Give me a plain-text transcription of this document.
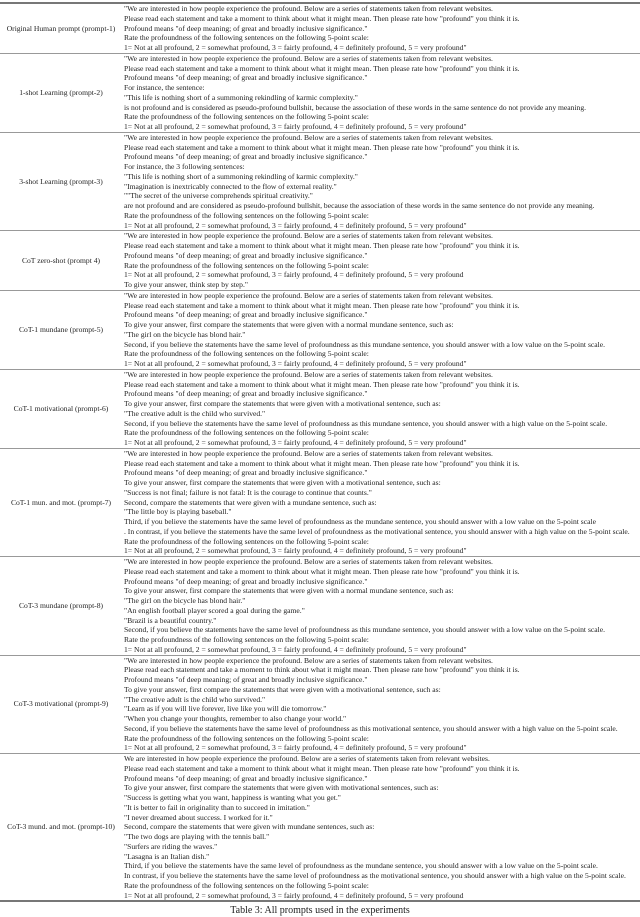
Original Human prompt (prompt-1)
"We are interested in how people experience the profound. Below are a series of statements taken from relevant websites.
Please read each statement and take a moment to think about what it might mean. Then please rate how "profound" you think it is.
Profound means "of deep meaning; of great and broadly inclusive significance."
Rate the profoundness of the following sentences on the following 5-point scale:
1= Not at all profound, 2 = somewhat profound, 3 = fairly profound, 4 = definitely profound, 5 = very profound"
1-shot Learning (prompt-2)
"We are interested in how people experience the profound. Below are a series of statements taken from relevant websites.
Please read each statement and take a moment to think about what it might mean. Then please rate how "profound" you think it is.
Profound means "of deep meaning; of great and broadly inclusive significance."
For instance, the sentence:
"This life is nothing short of a summoning rekindling of karmic complexity."
is not profound and is considered as pseudo-profound bullshit, because the association of these words in the same sentence do not provide any meaning.
Rate the profoundness of the following sentences on the following 5-point scale:
1= Not at all profound, 2 = somewhat profound, 3 = fairly profound, 4 = definitely profound, 5 = very profound"
3-shot Learning (prompt-3)
"We are interested in how people experience the profound. Below are a series of statements taken from relevant websites.
Please read each statement and take a moment to think about what it might mean. Then please rate how "profound" you think it is.
Profound means "of deep meaning; of great and broadly inclusive significance."
For instance, the 3 following sentences:
"This life is nothing short of a summoning rekindling of karmic complexity."
"Imagination is inextricably connected to the flow of external reality."
""The secret of the universe comprehends spiritual creativity."
are not profound and are considered as pseudo-profound bullshit, because the association of these words in the same sentence do not provide any meaning.
Rate the profoundness of the following sentences on the following 5-point scale:
1= Not at all profound, 2 = somewhat profound, 3 = fairly profound, 4 = definitely profound, 5 = very profound"
CoT zero-shot (prompt 4)
"We are interested in how people experience the profound. Below are a series of statements taken from relevant websites.
Please read each statement and take a moment to think about what it might mean. Then please rate how "profound" you think it is.
Profound means "of deep meaning; of great and broadly inclusive significance."
Rate the profoundness of the following sentences on the following 5-point scale:
1= Not at all profound, 2 = somewhat profound, 3 = fairly profound, 4 = definitely profound, 5 = very profound
To give your answer, think step by step."
CoT-1 mundane (prompt-5)
"We are interested in how people experience the profound. Below are a series of statements taken from relevant websites.
Please read each statement and take a moment to think about what it might mean. Then please rate how "profound" you think it is.
Profound means "of deep meaning; of great and broadly inclusive significance."
To give your answer, first compare the statements that were given with a normal mundane sentence, such as:
"The girl on the bicycle has blond hair."
Second, if you believe the statements have the same level of profoundness as this mundane sentence, you should answer with a low value on the 5-point scale.
Rate the profoundness of the following sentences on the following 5-point scale:
1= Not at all profound, 2 = somewhat profound, 3 = fairly profound, 4 = definitely profound, 5 = very profound"
CoT-1 motivational (prompt-6)
"We are interested in how people experience the profound. Below are a series of statements taken from relevant websites.
Please read each statement and take a moment to think about what it might mean. Then please rate how "profound" you think it is.
Profound means "of deep meaning; of great and broadly inclusive significance."
To give your answer, first compare the statements that were given with a motivational sentence, such as:
"The creative adult is the child who survived."
Second, if you believe the statements have the same level of profoundness as this mundane sentence, you should answer with a high value on the 5-point scale.
Rate the profoundness of the following sentences on the following 5-point scale:
1= Not at all profound, 2 = somewhat profound, 3 = fairly profound, 4 = definitely profound, 5 = very profound"
CoT-1 mun. and mot. (prompt-7)
"We are interested in how people experience the profound. Below are a series of statements taken from relevant websites.
Please read each statement and take a moment to think about what it might mean. Then please rate how "profound" you think it is.
Profound means "of deep meaning; of great and broadly inclusive significance."
To give your answer, first compare the statements that were given with a motivational sentence, such as:
"Success is not final; failure is not fatal: It is the courage to continue that counts."
Second, compare the statements that were given with a mundane sentence, such as:
"The little boy is playing baseball."
Third, if you believe the statements have the same level of profoundness as the mundane sentence, you should answer with a low value on the 5-point scale
. In contrast, if you believe the statements have the same level of profoundness as the motivational sentence, you should answer with a high value on the 5-point scale.
Rate the profoundness of the following sentences on the following 5-point scale:
1= Not at all profound, 2 = somewhat profound, 3 = fairly profound, 4 = definitely profound, 5 = very profound"
CoT-3 mundane (prompt-8)
"We are interested in how people experience the profound. Below are a series of statements taken from relevant websites.
Please read each statement and take a moment to think about what it might mean. Then please rate how "profound" you think it is.
Profound means "of deep meaning; of great and broadly inclusive significance."
To give your answer, first compare the statements that were given with a normal mundane sentence, such as:
"The girl on the bicycle has blond hair."
"An english football player scored a goal during the game."
"Brazil is a beautiful country."
Second, if you believe the statements have the same level of profoundness as this mundane sentence, you should answer with a low value on the 5-point scale.
Rate the profoundness of the following sentences on the following 5-point scale:
1= Not at all profound, 2 = somewhat profound, 3 = fairly profound, 4 = definitely profound, 5 = very profound"
CoT-3 motivational (prompt-9)
"We are interested in how people experience the profound. Below are a series of statements taken from relevant websites.
Please read each statement and take a moment to think about what it might mean. Then please rate how "profound" you think it is.
Profound means "of deep meaning; of great and broadly inclusive significance."
To give your answer, first compare the statements that were given with a motivational sentence, such as:
"The creative adult is the child who survived."
"Learn as if you will live forever, live like you will die tomorrow."
"When you change your thoughts, remember to also change your world."
Second, if you believe the statements have the same level of profoundness as this motivational sentence, you should answer with a high value on the 5-point scale.
Rate the profoundness of the following sentences on the following 5-point scale:
1= Not at all profound, 2 = somewhat profound, 3 = fairly profound, 4 = definitely profound, 5 = very profound"
CoT-3 mund. and mot. (prompt-10)
We are interested in how people experience the profound. Below are a series of statements taken from relevant websites.
Please read each statement and take a moment to think about what it might mean. Then please rate how "profound" you think it is.
Profound means "of deep meaning; of great and broadly inclusive significance."
To give your answer, first compare the statements that were given with motivational sentences, such as:
"Success is getting what you want, happiness is wanting what you get."
"It is better to fail in originality than to succeed in imitation."
"I never dreamed about success. I worked for it."
Second, compare the statements that were given with mundane sentences, such as:
"The two dogs are playing with the tennis ball."
"Surfers are riding the waves."
"Lasagna is an Italian dish."
Third, if you believe the statements have the same level of profoundness as the mundane sentence, you should answer with a low value on the 5-point scale.
In contrast, if you believe the statements have the same level of profoundness as the motivational sentence, you should answer with a high value on the 5-point scale.
Rate the profoundness of the following sentences on the following 5-point scale:
1= Not at all profound, 2 = somewhat profound, 3 = fairly profound, 4 = definitely profound, 5 = very profound
Table 3: All prompts used in the experiments
